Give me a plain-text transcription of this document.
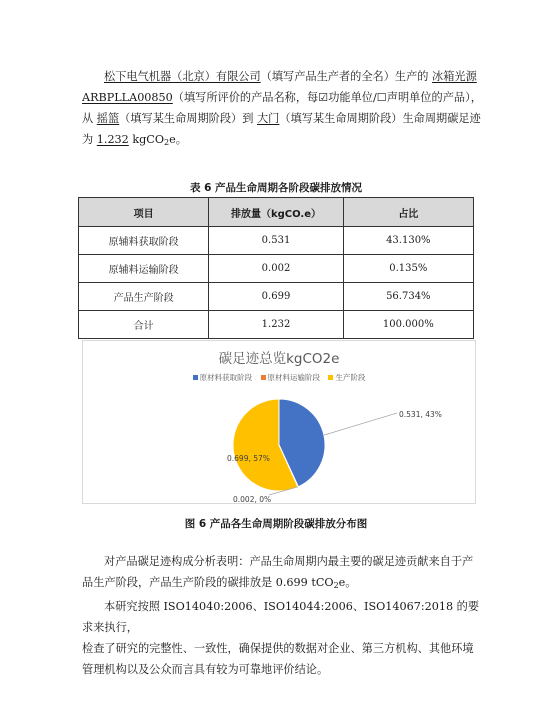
松下电气机器（北京）有限公司（填写产品生产者的全名）生产的 冰箱光源 ARBPLLA00850（填写所评价的产品名称，每☑功能单位/☐声明单位的产品）， 从 摇篮（填写某生命周期阶段）到 大门（填写某生命周期阶段）生命周期碳足迹为 1.232 kgCO$_2$e。
表 6 产品生命周期各阶段碳排放情况
项目	排放量（kgCO.e）	占比
原辅料获取阶段	0.531	43.130%
原辅料运输阶段	0.002	0.135%
产品生产阶段	0.699	56.734%
合计	1.232	100.000%
碳足迹总览kgCO2e
原材料获取阶段 原材料运输阶段 生产阶段
0.531, 43%
0.002, 0%
0.699, 57%
图 6 产品各生命周期阶段碳排放分布图
对产品碳足迹构成分析表明：产品生命周期内最主要的碳足迹贡献来自于产
品生产阶段，产品生产阶段的碳排放是 0.699 tCO$_2$e。
本研究按照 ISO14040:2006、ISO14044:2006、ISO14067:2018 的要求来执行，
检查了研究的完整性、一致性，确保提供的数据对企业、第三方机构、其他环境
管理机构以及公众而言具有较为可靠地评价结论。
